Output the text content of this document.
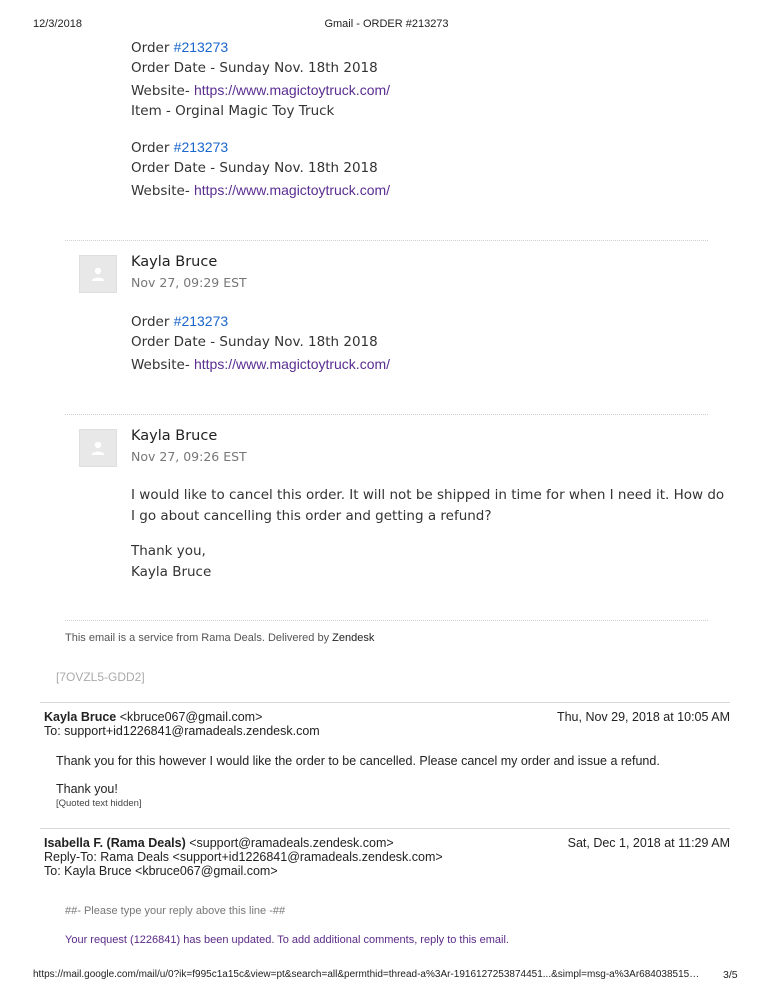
12/3/2018	Gmail - ORDER #213273
Order #213273
Order Date - Sunday Nov. 18th 2018
Website- https://www.magictoytruck.com/
Item - Orginal Magic Toy Truck
Order #213273
Order Date - Sunday Nov. 18th 2018
Website- https://www.magictoytruck.com/
Kayla Bruce
Nov 27, 09:29 EST
Order #213273
Order Date - Sunday Nov. 18th 2018
Website- https://www.magictoytruck.com/
Kayla Bruce
Nov 27, 09:26 EST
I would like to cancel this order. It will not be shipped in time for when I need it. How do
I go about cancelling this order and getting a refund?
Thank you,
Kayla Bruce
This email is a service from Rama Deals. Delivered by Zendesk
[7OVZL5-GDD2]
Kayla Bruce <kbruce067@gmail.com>	Thu, Nov 29, 2018 at 10:05 AM
To: support+id1226841@ramadeals.zendesk.com
Thank you for this however I would like the order to be cancelled. Please cancel my order and issue a refund.
Thank you!
[Quoted text hidden]
Isabella F. (Rama Deals) <support@ramadeals.zendesk.com>	Sat, Dec 1, 2018 at 11:29 AM
Reply-To: Rama Deals <support+id1226841@ramadeals.zendesk.com>
To: Kayla Bruce <kbruce067@gmail.com>
##- Please type your reply above this line -##
Your request (1226841) has been updated. To add additional comments, reply to this email.
https://mail.google.com/mail/u/0?ik=f995c1a15c&view=pt&search=all&permthid=thread-a%3Ar-1916127253874451...&simpl=msg-a%3Ar684038515…	3/5
